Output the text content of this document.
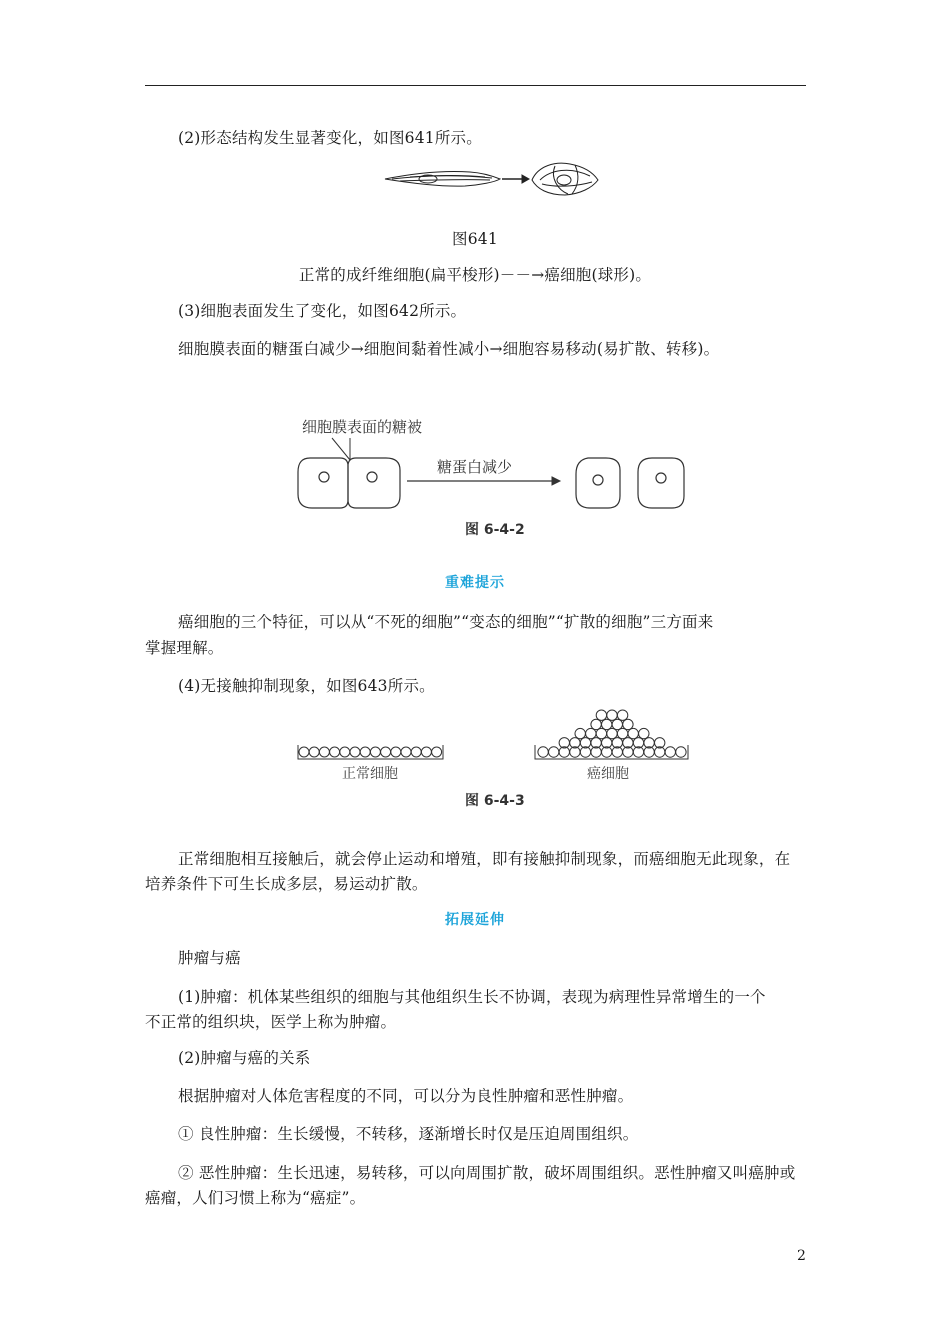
(2)形态结构发生显著变化，如图641所示。
图641
正常的成纤维细胞(扁平梭形)－－→癌细胞(球形)。
(3)细胞表面发生了变化，如图642所示。
细胞膜表面的糖蛋白减少→细胞间黏着性减小→细胞容易移动(易扩散、转移)。
细胞膜表面的糖被
糖蛋白减少
图 6-4-2
重难提示
癌细胞的三个特征，可以从“不死的细胞”“变态的细胞”“扩散的细胞”三方面来
掌握理解。
(4)无接触抑制现象，如图643所示。
正常细胞	癌细胞
图 6-4-3
正常细胞相互接触后，就会停止运动和增殖，即有接触抑制现象，而癌细胞无此现象，在
培养条件下可生长成多层，易运动扩散。
拓展延伸
肿瘤与癌
(1)肿瘤：机体某些组织的细胞与其他组织生长不协调，表现为病理性异常增生的一个
不正常的组织块，医学上称为肿瘤。
(2)肿瘤与癌的关系
根据肿瘤对人体危害程度的不同，可以分为良性肿瘤和恶性肿瘤。
① 良性肿瘤：生长缓慢，不转移，逐渐增长时仅是压迫周围组织。
② 恶性肿瘤：生长迅速，易转移，可以向周围扩散，破坏周围组织。恶性肿瘤又叫癌肿或
癌瘤，人们习惯上称为“癌症”。
2
